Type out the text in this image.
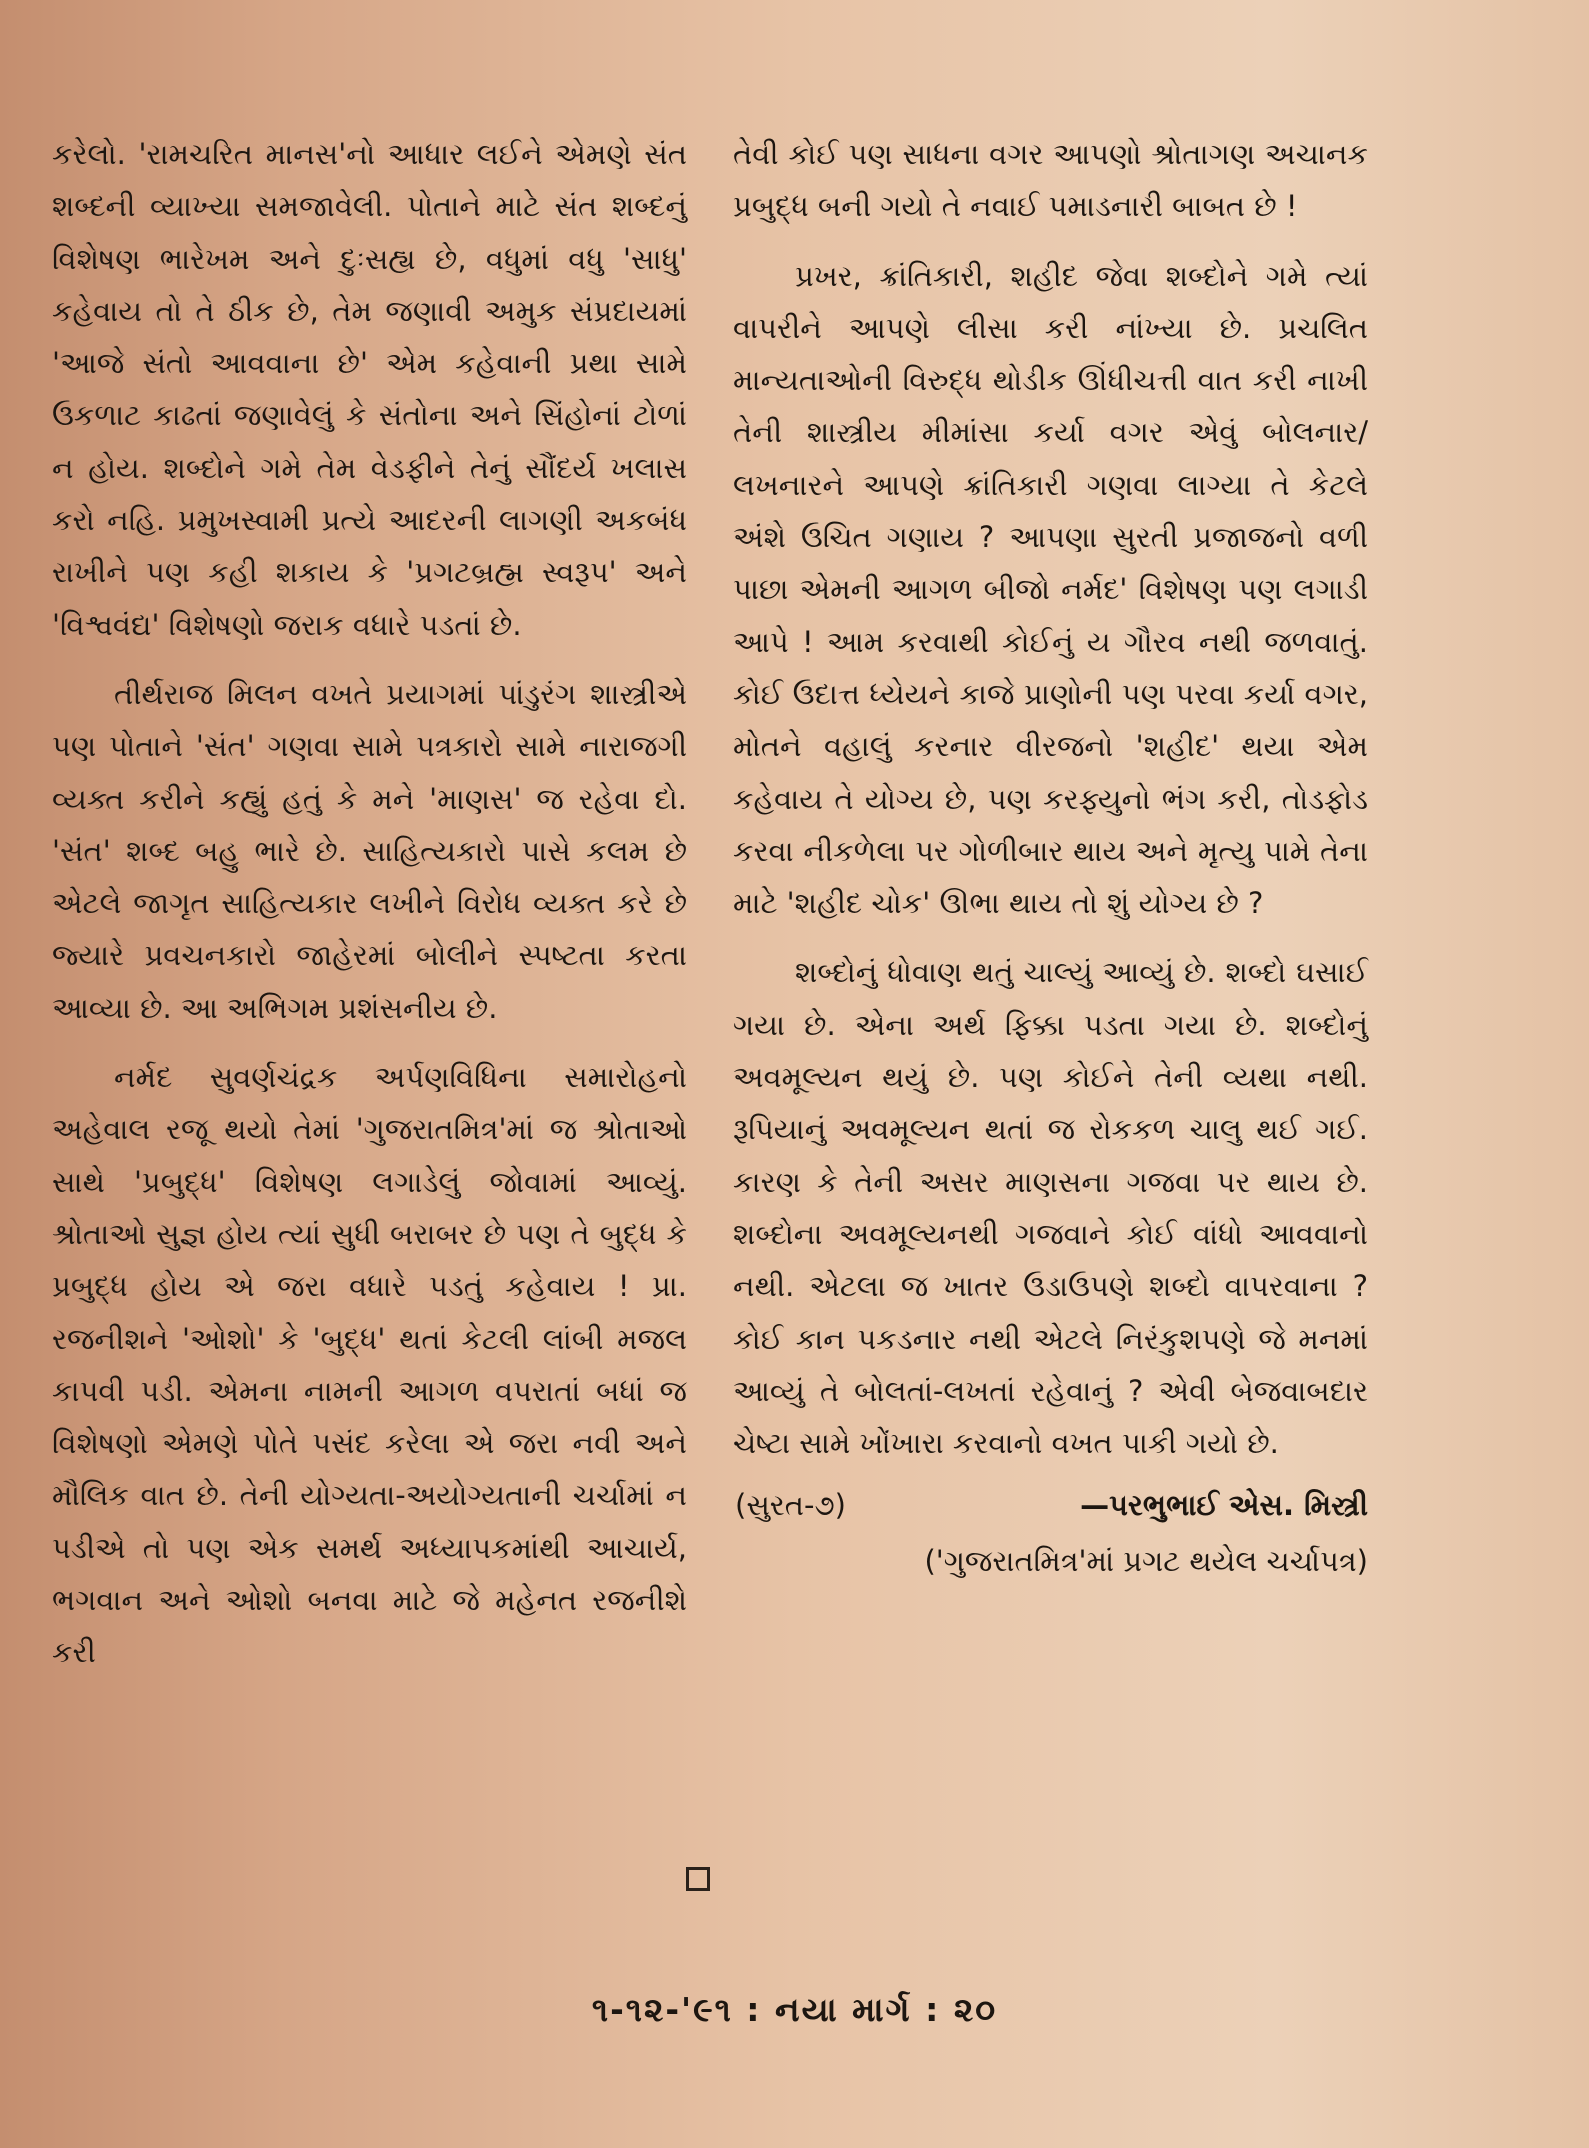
કરેલો. 'રામચરિત માનસ'નો આધાર લઈને એમણે સંત શબ્દની વ્યાખ્યા સમજાવેલી. પોતાને માટે સંત શબ્દનું વિશેષણ ભારેખમ અને દુઃસહ્ય છે, વધુમાં વધુ 'સાધુ' કહેવાય તો તે ઠીક છે, તેમ જણાવી અમુક સંપ્રદાયમાં 'આજે સંતો આવવાના છે' એમ કહેવાની પ્રથા સામે ઉકળાટ કાઢતાં જણાવેલું કે સંતોના અને સિંહોનાં ટોળાં ન હોય. શબ્દોને ગમે તેમ વેડફીને તેનું સૌંદર્ય ખલાસ કરો નહિ. પ્રમુખસ્વામી પ્રત્યે આદરની લાગણી અકબંધ રાખીને પણ કહી શકાય કે 'પ્રગટબ્રહ્મ સ્વરૂપ' અને 'વિશ્વવંદ્ય' વિશેષણો જરાક વધારે પડતાં છે.

તીર્થરાજ મિલન વખતે પ્રયાગમાં પાંડુરંગ શાસ્ત્રીએ પણ પોતાને 'સંત' ગણવા સામે પત્રકારો સામે નારાજગી વ્યક્ત કરીને કહ્યું હતું કે મને 'માણસ' જ રહેવા દો. 'સંત' શબ્દ બહુ ભારે છે. સાહિત્યકારો પાસે કલમ છે એટલે જાગૃત સાહિત્યકાર લખીને વિરોધ વ્યક્ત કરે છે જ્યારે પ્રવચનકારો જાહેરમાં બોલીને સ્પષ્ટતા કરતા આવ્યા છે. આ અભિગમ પ્રશંસનીય છે.

નર્મદ સુવર્ણચંદ્રક અર્પણવિધિના સમારોહનો અહેવાલ રજૂ થયો તેમાં 'ગુજરાતમિત્ર'માં જ શ્રોતાઓ સાથે 'પ્રબુદ્ધ' વિશેષણ લગાડેલું જોવામાં આવ્યું. શ્રોતાઓ સુજ્ઞ હોય ત્યાં સુધી બરાબર છે પણ તે બુદ્ધ કે પ્રબુદ્ધ હોય એ જરા વધારે પડતું કહેવાય ! પ્રા. રજનીશને 'ઓશો' કે 'બુદ્ધ' થતાં કેટલી લાંબી મજલ કાપવી પડી. એમના નામની આગળ વપરાતાં બધાં જ વિશેષણો એમણે પોતે પસંદ કરેલા એ જરા નવી અને મૌલિક વાત છે. તેની યોગ્યતા-અયોગ્યતાની ચર્ચામાં ન પડીએ તો પણ એક સમર્થ અધ્યાપકમાંથી આચાર્ય, ભગવાન અને ઓશો બનવા માટે જે મહેનત રજનીશે કરી

તેવી કોઈ પણ સાધના વગર આપણો શ્રોતાગણ અચાનક પ્રબુદ્ધ બની ગયો તે નવાઈ પમાડનારી બાબત છે !

પ્રખર, ક્રાંતિકારી, શહીદ જેવા શબ્દોને ગમે ત્યાં વાપરીને આપણે લીસા કરી નાંખ્યા છે. પ્રચલિત માન્યતાઓની વિરુદ્ધ થોડીક ઊંધીચત્તી વાત કરી નાખી તેની શાસ્ત્રીય મીમાંસા કર્યા વગર એવું બોલનાર/લખનારને આપણે ક્રાંતિકારી ગણવા લાગ્યા તે કેટલે અંશે ઉચિત ગણાય ? આપણા સુરતી પ્રજાજનો વળી પાછા એમની આગળ બીજો નર્મદ' વિશેષણ પણ લગાડી આપે ! આમ કરવાથી કોઈનું ય ગૌરવ નથી જળવાતું. કોઈ ઉદાત્ત ધ્યેયને કાજે પ્રાણોની પણ પરવા કર્યા વગર, મોતને વહાલું કરનાર વીરજનો 'શહીદ' થયા એમ કહેવાય તે યોગ્ય છે, પણ કરફ્યુનો ભંગ કરી, તોડફોડ કરવા નીકળેલા પર ગોળીબાર થાય અને મૃત્યુ પામે તેના માટે 'શહીદ ચોક' ઊભા થાય તો શું યોગ્ય છે ?

શબ્દોનું ધોવાણ થતું ચાલ્યું આવ્યું છે. શબ્દો ઘસાઈ ગયા છે. એના અર્થ ફિક્કા પડતા ગયા છે. શબ્દોનું અવમૂલ્યન થયું છે. પણ કોઈને તેની વ્યથા નથી. રૂપિયાનું અવમૂલ્યન થતાં જ રોકકળ ચાલુ થઈ ગઈ. કારણ કે તેની અસર માણસના ગજવા પર થાય છે. શબ્દોના અવમૂલ્યનથી ગજવાને કોઈ વાંધો આવવાનો નથી. એટલા જ ખાતર ઉડાઉપણે શબ્દો વાપરવાના ? કોઈ કાન પકડનાર નથી એટલે નિરંકુશપણે જે મનમાં આવ્યું તે બોલતાં-લખતાં રહેવાનું ? એવી બેજવાબદાર ચેષ્ટા સામે ખોંખારા કરવાનો વખત પાકી ગયો છે.

(સુરત-૭)	—પરભુભાઈ એસ. મિસ્ત્રી

('ગુજરાતમિત્ર'માં પ્રગટ થયેલ ચર્ચાપત્ર)

૧-૧૨-'૯૧ : નયા માર્ગ : ૨૦
